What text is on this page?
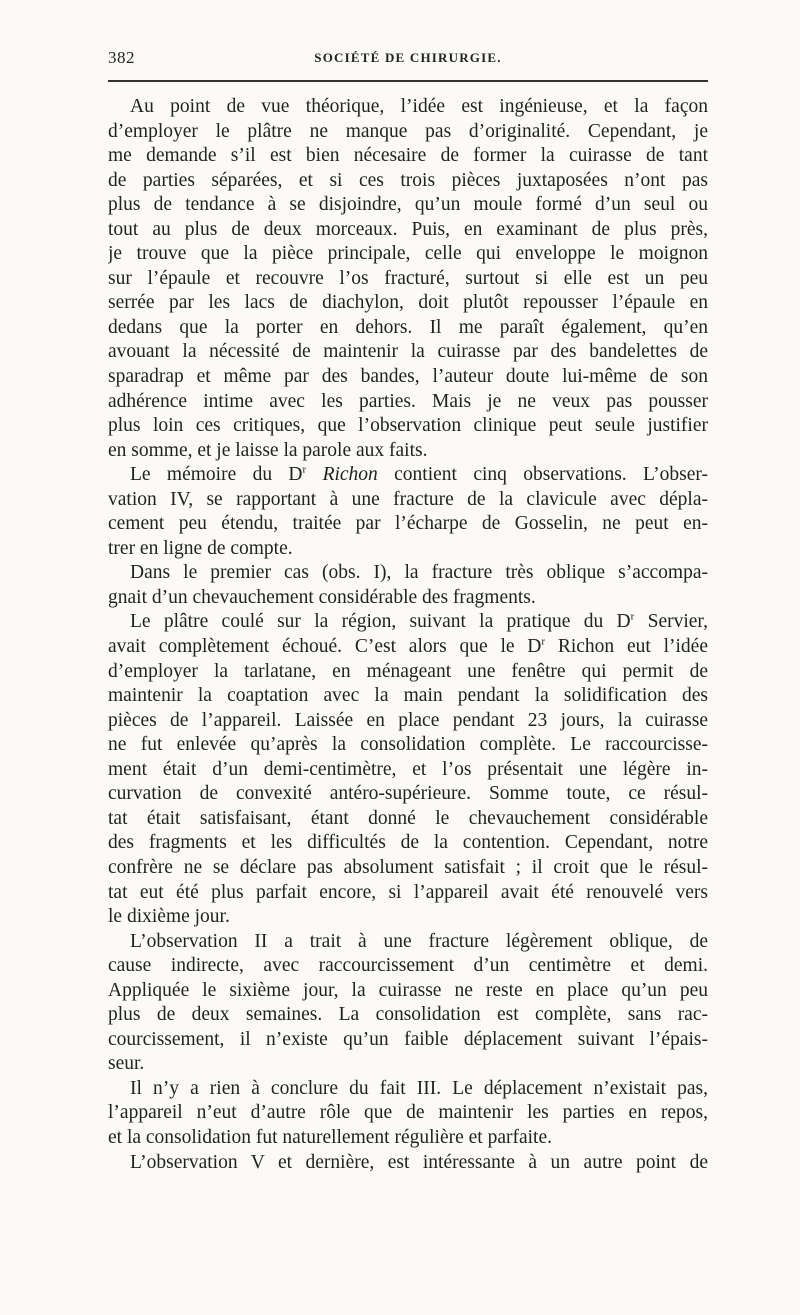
382	SOCIÉTÉ DE CHIRURGIE.
Au point de vue théorique, l’idée est ingénieuse, et la façon
d’employer le plâtre ne manque pas d’originalité. Cependant, je
me demande s’il est bien nécesaire de former la cuirasse de tant
de parties séparées, et si ces trois pièces juxtaposées n’ont pas
plus de tendance à se disjoindre, qu’un moule formé d’un seul ou
tout au plus de deux morceaux. Puis, en examinant de plus près,
je trouve que la pièce principale, celle qui enveloppe le moignon
sur l’épaule et recouvre l’os fracturé, surtout si elle est un peu
serrée par les lacs de diachylon, doit plutôt repousser l’épaule en
dedans que la porter en dehors. Il me paraît également, qu’en
avouant la nécessité de maintenir la cuirasse par des bandelettes de
sparadrap et même par des bandes, l’auteur doute lui-même de son
adhérence intime avec les parties. Mais je ne veux pas pousser
plus loin ces critiques, que l’observation clinique peut seule justifier
en somme, et je laisse la parole aux faits.
Le mémoire du $D^r$ Richon contient cinq observations. L’obser-
vation IV, se rapportant à une fracture de la clavicule avec dépla-
cement peu étendu, traitée par l’écharpe de Gosselin, ne peut en-
trer en ligne de compte.
Dans le premier cas (obs. I), la fracture très oblique s’accompa-
gnait d’un chevauchement considérable des fragments.
Le plâtre coulé sur la région, suivant la pratique du $D^r$ Servier,
avait complètement échoué. C’est alors que le $D^r$ Richon eut l’idée
d’employer la tarlatane, en ménageant une fenêtre qui permit de
maintenir la coaptation avec la main pendant la solidification des
pièces de l’appareil. Laissée en place pendant 23 jours, la cuirasse
ne fut enlevée qu’après la consolidation complète. Le raccourcisse-
ment était d’un demi-centimètre, et l’os présentait une légère in-
curvation de convexité antéro-supérieure. Somme toute, ce résul-
tat était satisfaisant, étant donné le chevauchement considérable
des fragments et les difficultés de la contention. Cependant, notre
confrère ne se déclare pas absolument satisfait ; il croit que le résul-
tat eut été plus parfait encore, si l’appareil avait été renouvelé vers
le dixième jour.
L’observation II a trait à une fracture légèrement oblique, de
cause indirecte, avec raccourcissement d’un centimètre et demi.
Appliquée le sixième jour, la cuirasse ne reste en place qu’un peu
plus de deux semaines. La consolidation est complète, sans rac-
courcissement, il n’existe qu’un faible déplacement suivant l’épais-
seur.
Il n’y a rien à conclure du fait III. Le déplacement n’existait pas,
l’appareil n’eut d’autre rôle que de maintenir les parties en repos,
et la consolidation fut naturellement régulière et parfaite.
L’observation V et dernière, est intéressante à un autre point de
